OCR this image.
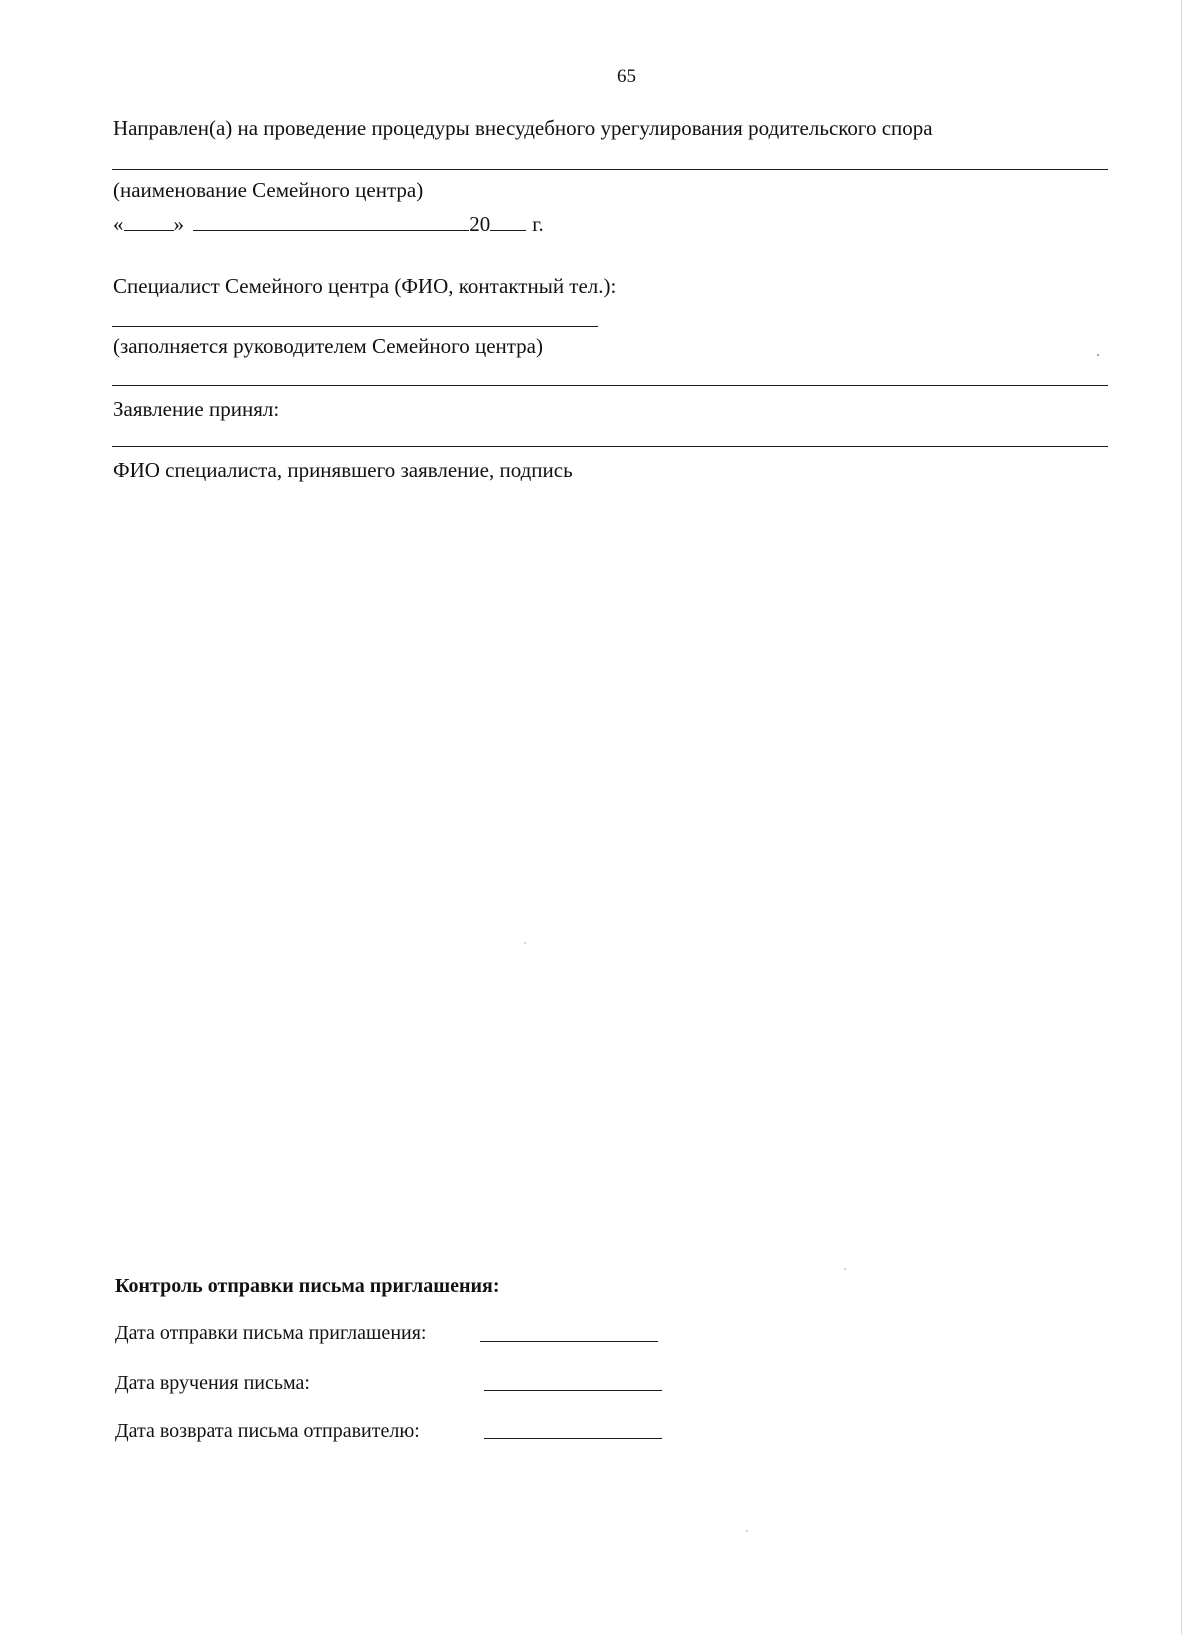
65
Направлен(а) на проведение процедуры внесудебного урегулирования родительского спора
(наименование Семейного центра)
« »	20 г.
Специалист Семейного центра (ФИО, контактный тел.):
(заполняется руководителем Семейного центра)
Заявление принял:
ФИО специалиста, принявшего заявление, подпись
Контроль отправки письма приглашения:
Дата отправки письма приглашения:
Дата вручения письма:
Дата возврата письма отправителю:
